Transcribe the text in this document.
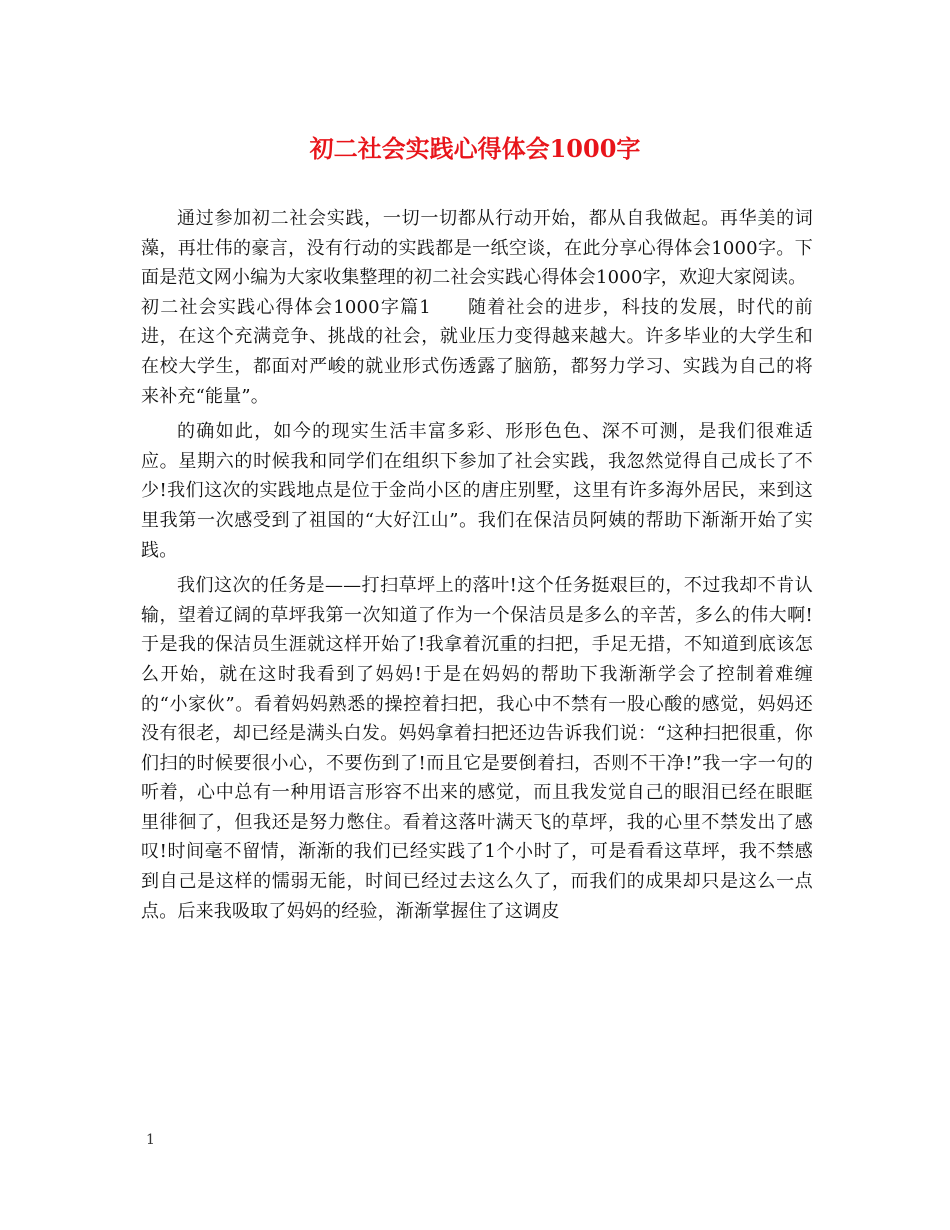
初二社会实践心得体会1000字

通过参加初二社会实践，一切一切都从行动开始，都从自我做起。再华美的词藻，再壮伟的豪言，没有行动的实践都是一纸空谈，在此分享心得体会1000字。下面是范文网小编为大家收集整理的初二社会实践心得体会1000字，欢迎大家阅读。

初二社会实践心得体会1000字篇1 随着社会的进步，科技的发展，时代的前进，在这个充满竞争、挑战的社会，就业压力变得越来越大。许多毕业的大学生和在校大学生，都面对严峻的就业形式伤透露了脑筋，都努力学习、实践为自己的将来补充“能量”。

的确如此，如今的现实生活丰富多彩、形形色色、深不可测，是我们很难适应。星期六的时候我和同学们在组织下参加了社会实践，我忽然觉得自己成长了不少!我们这次的实践地点是位于金尚小区的唐庄别墅，这里有许多海外居民，来到这里我第一次感受到了祖国的“大好江山”。我们在保洁员阿姨的帮助下渐渐开始了实践。

我们这次的任务是——打扫草坪上的落叶!这个任务挺艰巨的，不过我却不肯认输，望着辽阔的草坪我第一次知道了作为一个保洁员是多么的辛苦，多么的伟大啊!于是我的保洁员生涯就这样开始了!我拿着沉重的扫把，手足无措，不知道到底该怎么开始，就在这时我看到了妈妈!于是在妈妈的帮助下我渐渐学会了控制着难缠的“小家伙”。看着妈妈熟悉的操控着扫把，我心中不禁有一股心酸的感觉，妈妈还没有很老，却已经是满头白发。妈妈拿着扫把还边告诉我们说：“这种扫把很重，你们扫的时候要很小心，不要伤到了!而且它是要倒着扫，否则不干净!”我一字一句的听着，心中总有一种用语言形容不出来的感觉，而且我发觉自己的眼泪已经在眼眶里徘徊了，但我还是努力憋住。看着这落叶满天飞的草坪，我的心里不禁发出了感叹!时间毫不留情，渐渐的我们已经实践了1个小时了，可是看看这草坪，我不禁感到自己是这样的懦弱无能，时间已经过去这么久了，而我们的成果却只是这么一点点。后来我吸取了妈妈的经验，渐渐掌握住了这调皮

1
